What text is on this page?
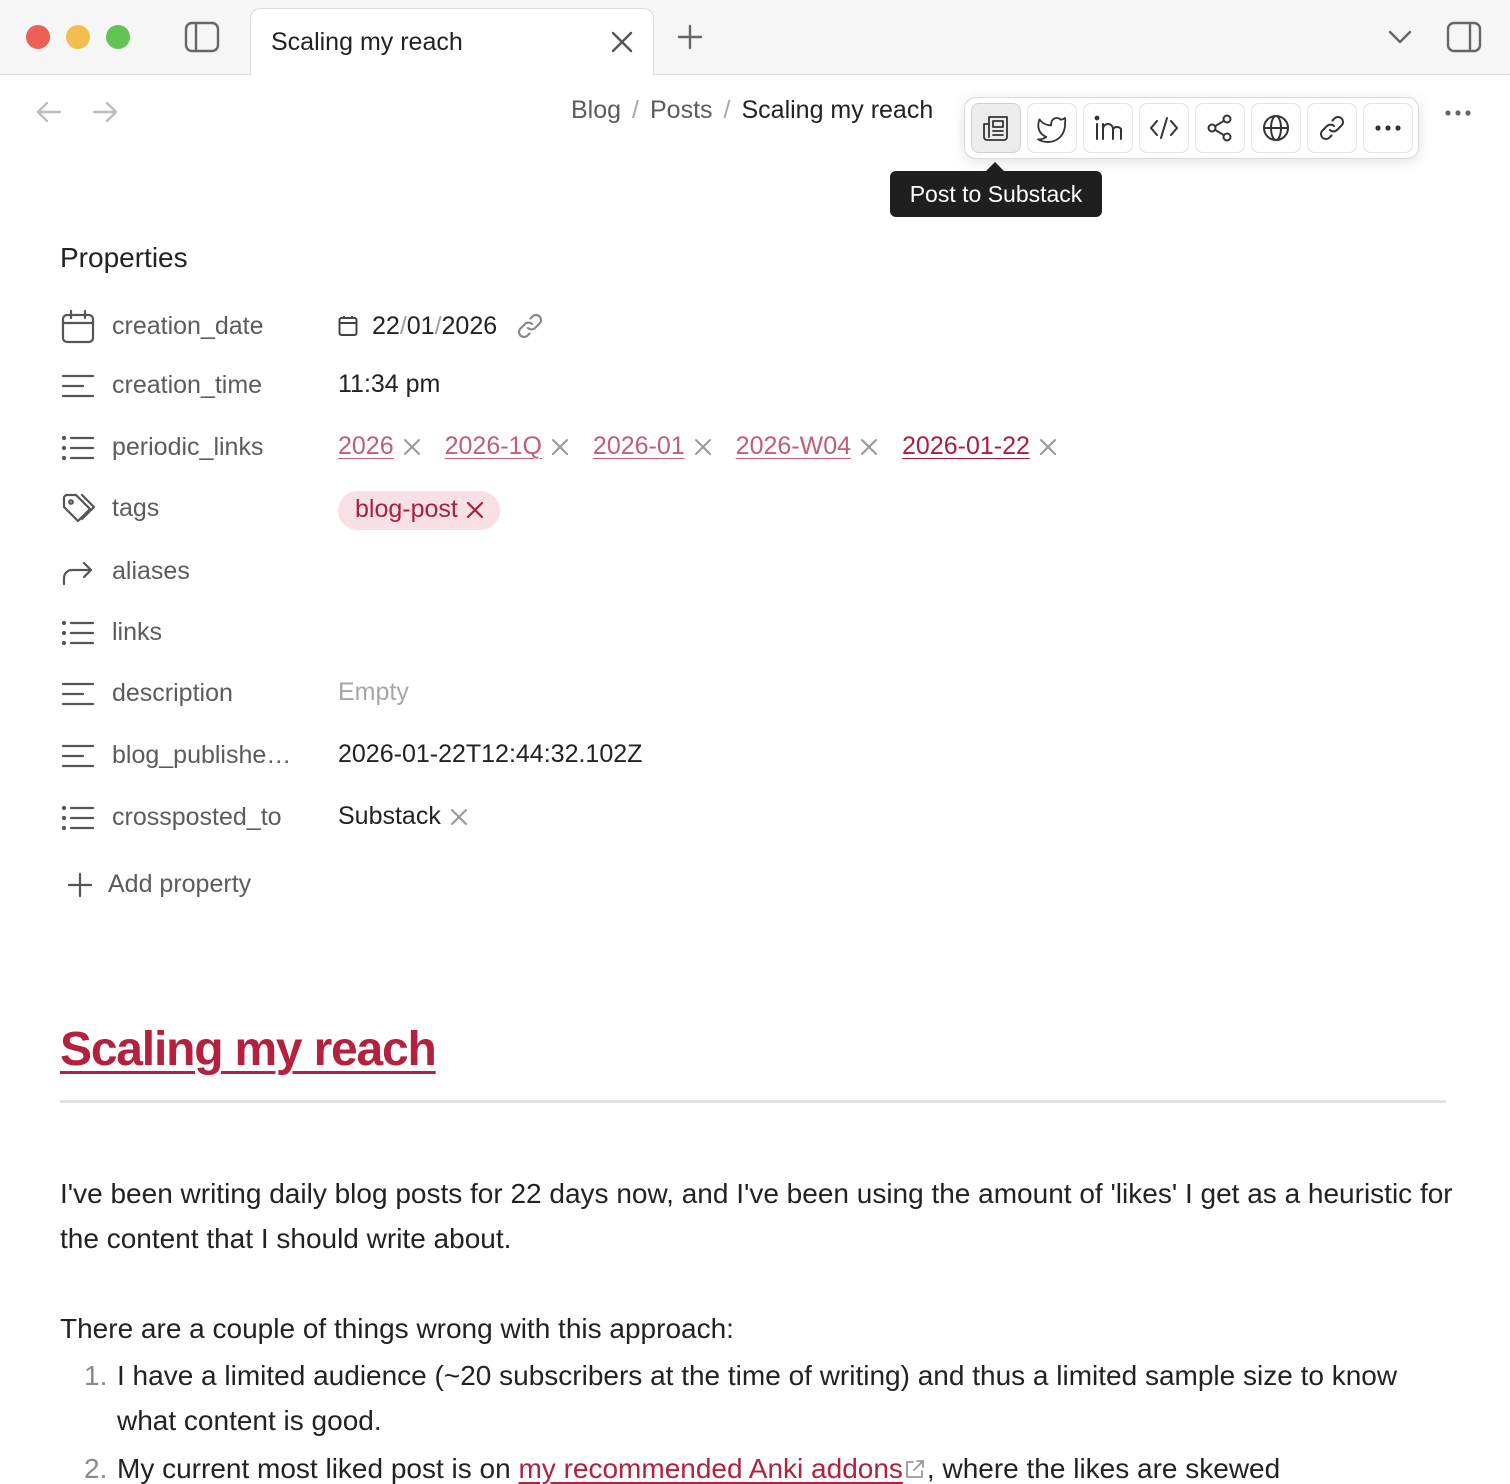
Scaling my reach
Blog / Posts / Scaling my reach
Post to Substack
Properties
creation_date	22 / 01 / 2026
creation_time	11:34 pm
periodic_links	2026 2026-1Q 2026-01 2026-W04 2026-01-22
tags	blog-post
aliases
links
description	Empty
blog_publishe… 2026-01-22T12:44:32.102Z
crossposted_to Substack
Add property
Scaling my reach

I've been writing daily blog posts for 22 days now, and I've been using the amount of 'likes' I get as a heuristic for the content that I should write about.

There are a couple of things wrong with this approach:

1. I have a limited audience (~20 subscribers at the time of writing) and thus a limited sample size to know what content is good.
2. My current most liked post is on my recommended Anki addons , where the likes are skewed
